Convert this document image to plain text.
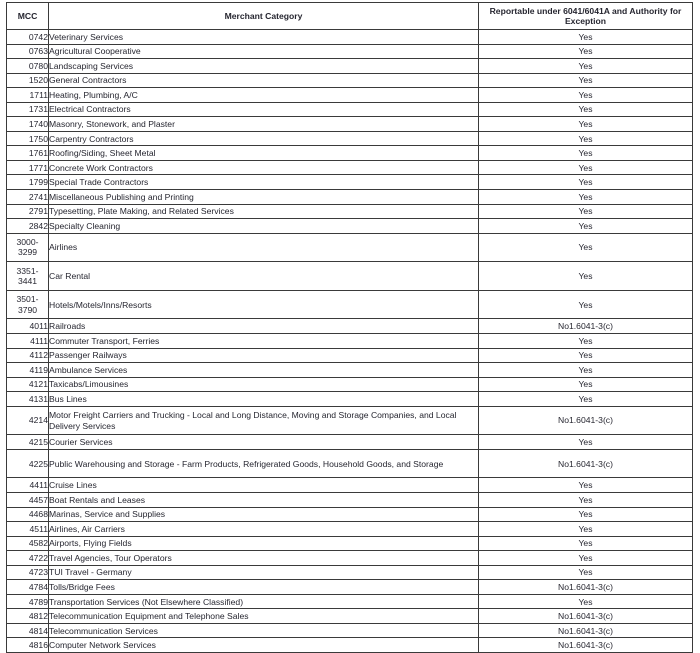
MCC	Merchant Category	Reportable under 6041/6041A and Authority for Exception
0742	Veterinary Services	Yes
0763	Agricultural Cooperative	Yes
0780	Landscaping Services	Yes
1520	General Contractors	Yes
1711	Heating, Plumbing, A/C	Yes
1731	Electrical Contractors	Yes
1740	Masonry, Stonework, and Plaster	Yes
1750	Carpentry Contractors	Yes
1761	Roofing/Siding, Sheet Metal	Yes
1771	Concrete Work Contractors	Yes
1799	Special Trade Contractors	Yes
2741	Miscellaneous Publishing and Printing	Yes
2791	Typesetting, Plate Making, and Related Services	Yes
2842	Specialty Cleaning	Yes

3000-
3299	Airlines	Yes

3351-
3441	Car Rental	Yes

3501-
3790	Hotels/Motels/Inns/Resorts	Yes
4011	Railroads	No1.6041-3(c)
4111	Commuter Transport, Ferries	Yes
4112	Passenger Railways	Yes
4119	Ambulance Services	Yes
4121	Taxicabs/Limousines	Yes
4131	Bus Lines	Yes
4214	Motor Freight Carriers and Trucking - Local and Long Distance, Moving and Storage Companies, and Local Delivery Services	No1.6041-3(c)
4215	Courier Services	Yes
4225	Public Warehousing and Storage - Farm Products, Refrigerated Goods, Household Goods, and Storage	No1.6041-3(c)
4411	Cruise Lines	Yes
4457	Boat Rentals and Leases	Yes
4468	Marinas, Service and Supplies	Yes
4511	Airlines, Air Carriers	Yes
4582	Airports, Flying Fields	Yes
4722	Travel Agencies, Tour Operators	Yes
4723	TUI Travel - Germany	Yes
4784	Tolls/Bridge Fees	No1.6041-3(c)
4789	Transportation Services (Not Elsewhere Classified)	Yes
4812	Telecommunication Equipment and Telephone Sales	No1.6041-3(c)
4814	Telecommunication Services	No1.6041-3(c)
4816	Computer Network Services	No1.6041-3(c)
